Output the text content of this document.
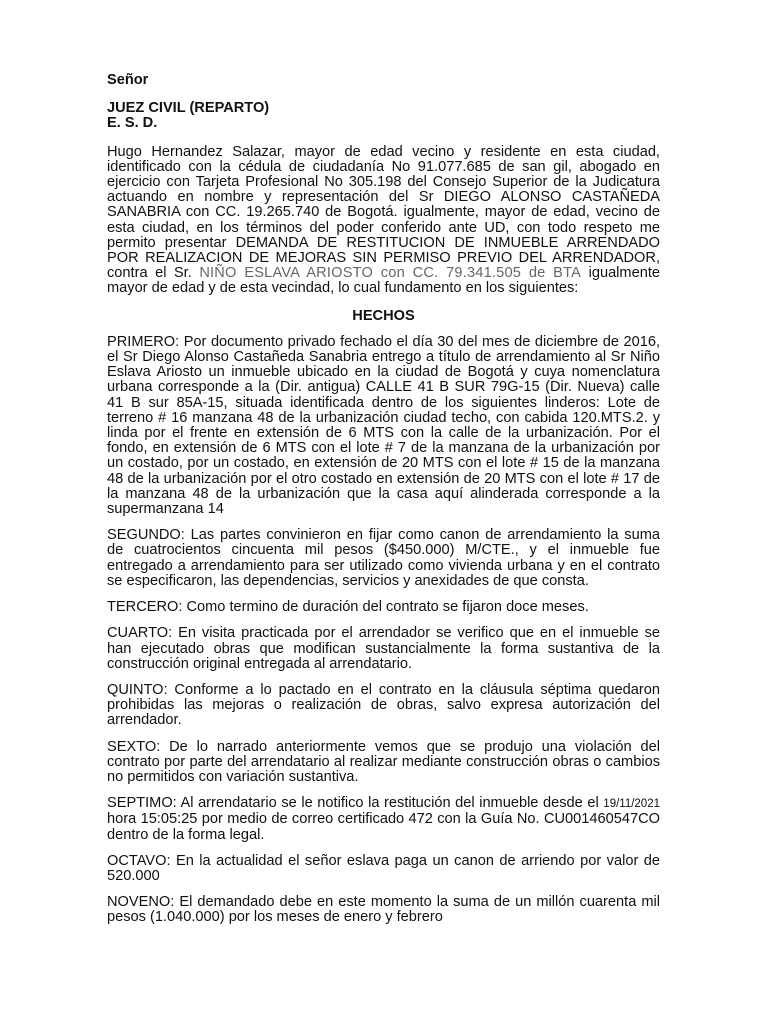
Señor

JUEZ CIVIL (REPARTO)

E. S. D.

Hugo Hernandez Salazar, mayor de edad vecino y residente en esta ciudad, identificado con la cédula de ciudadanía No 91.077.685 de san gil, abogado en ejercicio con Tarjeta Profesional No 305.198 del Consejo Superior de la Judicatura actuando en nombre y representación del Sr DIEGO ALONSO CASTAÑEDA SANABRIA con CC. 19.265.740 de Bogotá. igualmente, mayor de edad, vecino de esta ciudad, en los términos del poder conferido ante UD, con todo respeto me permito presentar DEMANDA DE RESTITUCION DE INMUEBLE ARRENDADO POR REALIZACION DE MEJORAS SIN PERMISO PREVIO DEL ARRENDADOR, contra el Sr. NIÑO ESLAVA ARIOSTO con CC. 79.341.505 de BTA igualmente mayor de edad y de esta vecindad, lo cual fundamento en los siguientes:

HECHOS

PRIMERO: Por documento privado fechado el día 30 del mes de diciembre de 2016, el Sr Diego Alonso Castañeda Sanabria entrego a título de arrendamiento al Sr Niño Eslava Ariosto un inmueble ubicado en la ciudad de Bogotá y cuya nomenclatura urbana corresponde a la (Dir. antigua) CALLE 41 B SUR 79G-15 (Dir. Nueva) calle 41 B sur 85A-15, situada identificada dentro de los siguientes linderos: Lote de terreno # 16 manzana 48 de la urbanización ciudad techo, con cabida 120.MTS.2. y linda por el frente en extensión de 6 MTS con la calle de la urbanización. Por el fondo, en extensión de 6 MTS con el lote # 7 de la manzana de la urbanización por un costado, por un costado, en extensión de 20 MTS con el lote # 15 de la manzana 48 de la urbanización por el otro costado en extensión de 20 MTS con el lote # 17 de la manzana 48 de la urbanización que la casa aquí alinderada corresponde a la supermanzana 14

SEGUNDO: Las partes convinieron en fijar como canon de arrendamiento la suma de cuatrocientos cincuenta mil pesos ($450.000) M/CTE., y el inmueble fue entregado a arrendamiento para ser utilizado como vivienda urbana y en el contrato se especificaron, las dependencias, servicios y anexidades de que consta.

TERCERO: Como termino de duración del contrato se fijaron doce meses.

CUARTO: En visita practicada por el arrendador se verifico que en el inmueble se han ejecutado obras que modifican sustancialmente la forma sustantiva de la construcción original entregada al arrendatario.

QUINTO: Conforme a lo pactado en el contrato en la cláusula séptima quedaron prohibidas las mejoras o realización de obras, salvo expresa autorización del arrendador.

SEXTO: De lo narrado anteriormente vemos que se produjo una violación del contrato por parte del arrendatario al realizar mediante construcción obras o cambios no permitidos con variación sustantiva.

SEPTIMO: Al arrendatario se le notifico la restitución del inmueble desde el 19/11/2021 hora 15:05:25 por medio de correo certificado 472 con la Guía No. CU001460547CO dentro de la forma legal.

OCTAVO: En la actualidad el señor eslava paga un canon de arriendo por valor de 520.000

NOVENO: El demandado debe en este momento la suma de un millón cuarenta mil pesos (1.040.000) por los meses de enero y febrero
